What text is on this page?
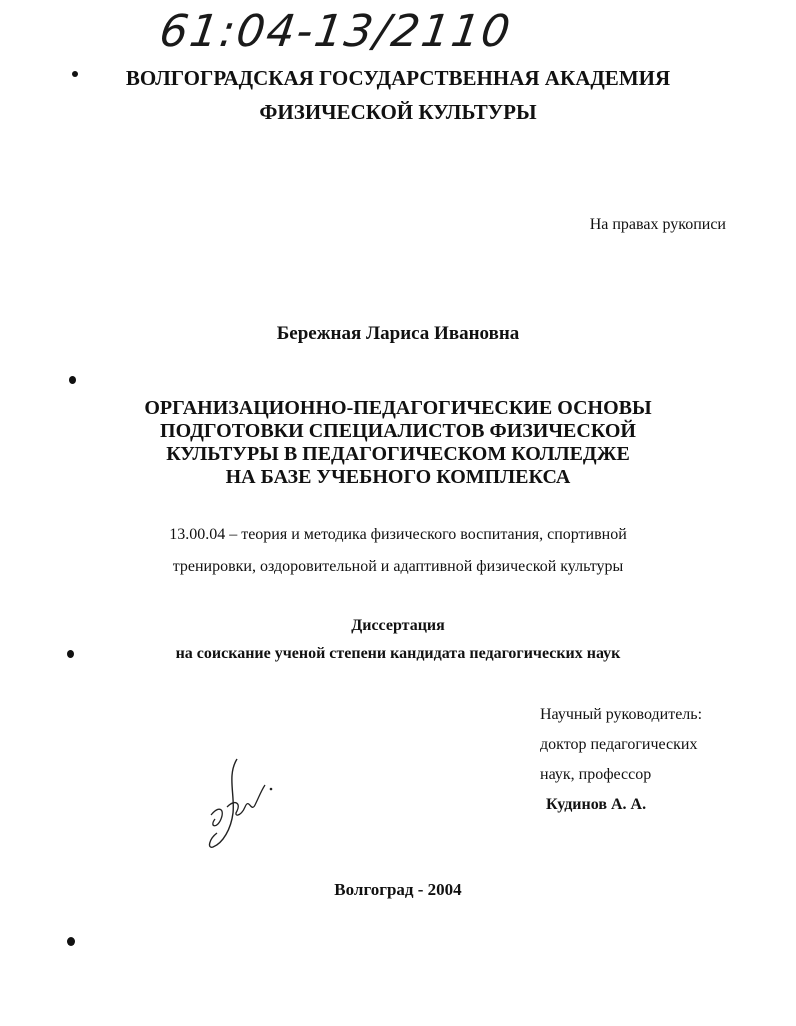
61:04-13/2110
ВОЛГОГРАДСКАЯ ГОСУДАРСТВЕННАЯ АКАДЕМИЯ
ФИЗИЧЕСКОЙ КУЛЬТУРЫ
На правах рукописи
Бережная Лариса Ивановна
ОРГАНИЗАЦИОННО-ПЕДАГОГИЧЕСКИЕ ОСНОВЫ
ПОДГОТОВКИ СПЕЦИАЛИСТОВ ФИЗИЧЕСКОЙ
КУЛЬТУРЫ В ПЕДАГОГИЧЕСКОМ КОЛЛЕДЖЕ
НА БАЗЕ УЧЕБНОГО КОМПЛЕКСА
13.00.04 – теория и методика физического воспитания, спортивной
тренировки, оздоровительной и адаптивной физической культуры
Диссертация
на соискание ученой степени кандидата педагогических наук
Научный руководитель:
доктор педагогических
наук, профессор
Кудинов А. А.
Волгоград - 2004
